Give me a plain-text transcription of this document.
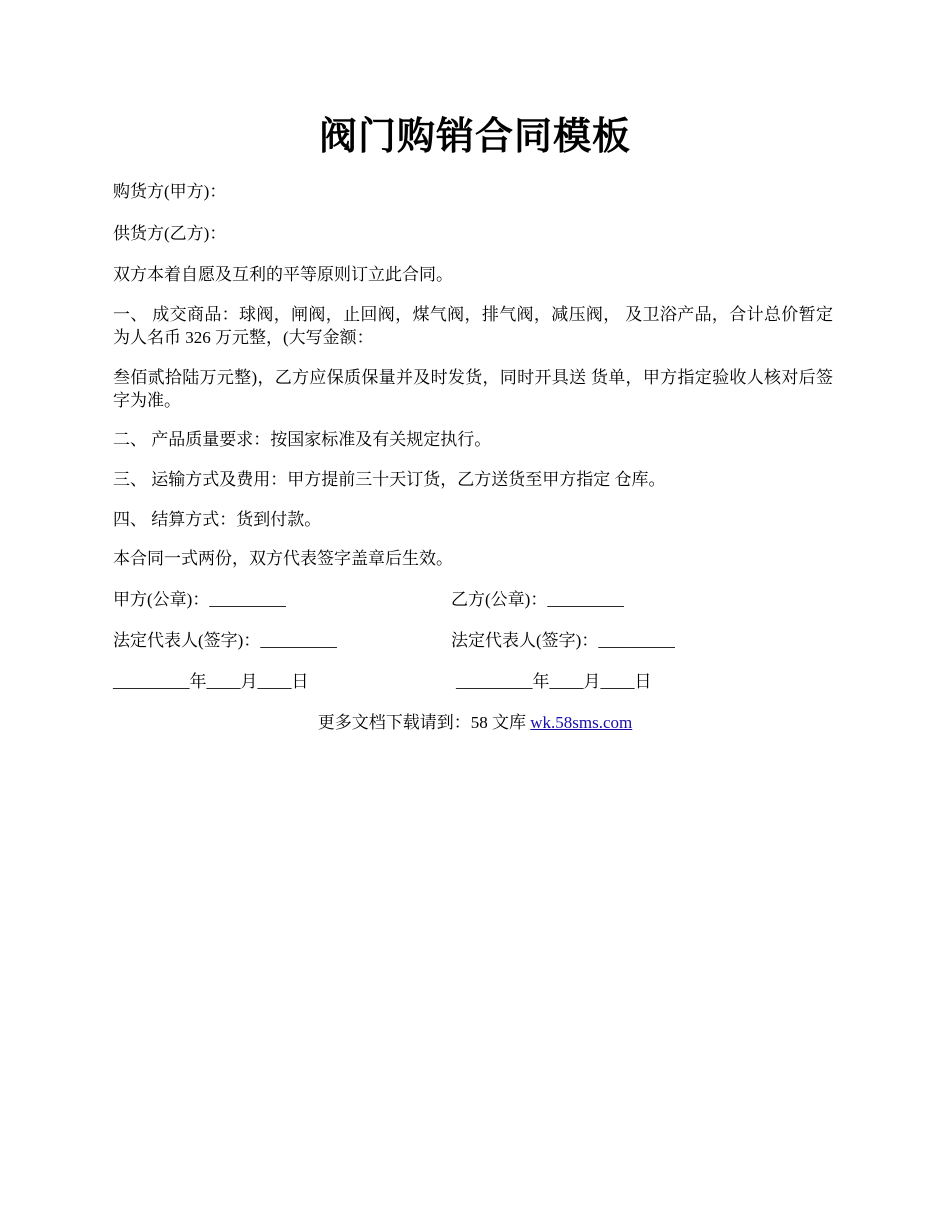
阀门购销合同模板
购货方(甲方)：
供货方(乙方)：
双方本着自愿及互利的平等原则订立此合同。
一、 成交商品：球阀，闸阀，止回阀，煤气阀，排气阀，减压阀， 及卫浴产品，合计总价暂定为人名币 326 万元整，(大写金额：
叁佰贰拾陆万元整)，乙方应保质保量并及时发货，同时开具送 货单，甲方指定验收人核对后签字为准。
二、 产品质量要求：按国家标准及有关规定执行。
三、 运输方式及费用：甲方提前三十天订货，乙方送货至甲方指定 仓库。
四、 结算方式：货到付款。
本合同一式两份，双方代表签字盖章后生效。
甲方(公章)：_________	乙方(公章)：_________
法定代表人(签字)：_________	法定代表人(签字)：_________
_________年____月____日	_________年____月____日
更多文档下载请到：58 文库 wk.58sms.com
